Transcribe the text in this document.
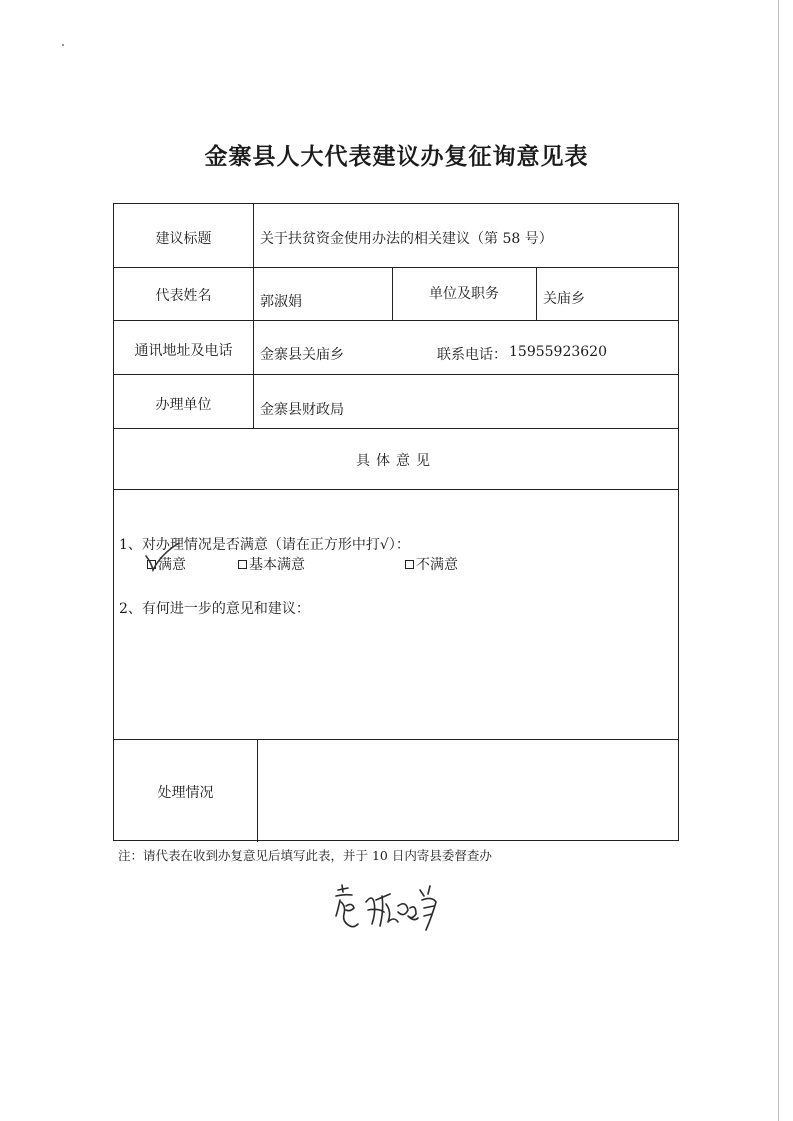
金寨县人大代表建议办复征询意见表
建议标题	关于扶贫资金使用办法的相关建议（第 58 号）
代表姓名	郭淑娟	单位及职务	关庙乡
通讯地址及电话	金寨县关庙乡	联系电话： 15955923620
办理单位	金寨县财政局
具体意见
1、对办理情况是否满意（请在正方形中打√）：
满意	基本满意	不满意
2、有何进一步的意见和建议：
处理情况
注：请代表在收到办复意见后填写此表，并于 10 日内寄县委督查办
